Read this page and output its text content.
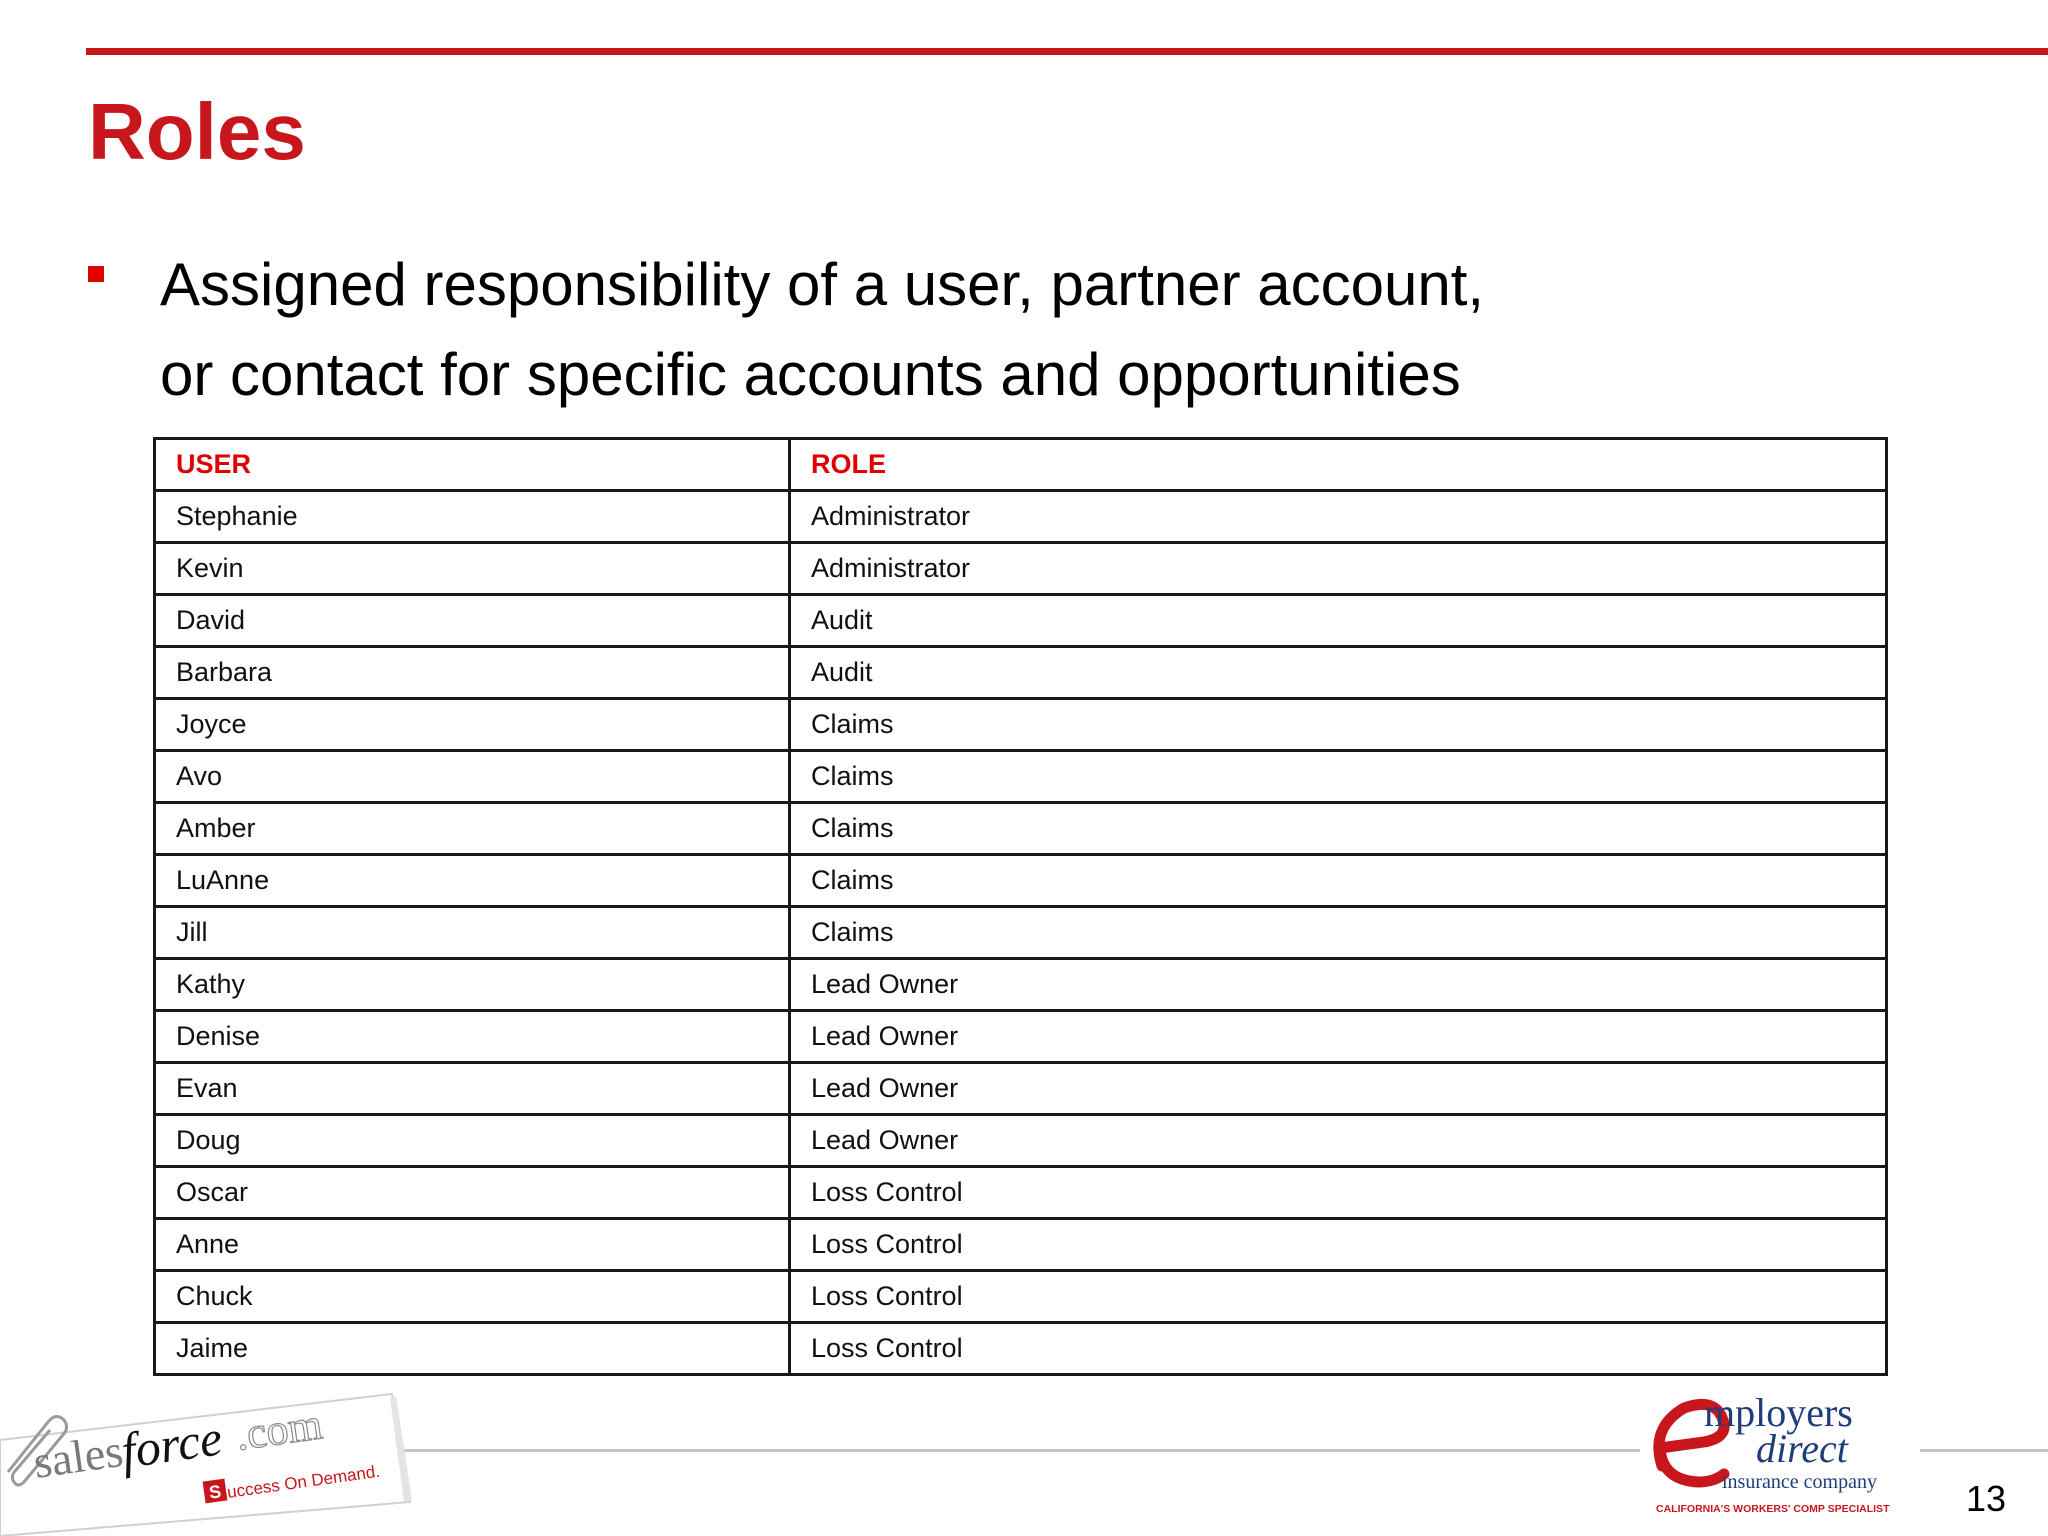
Roles
Assigned responsibility of a user, partner account,
or contact for specific accounts and opportunities
USER	ROLE
Stephanie	Administrator
Kevin	Administrator
David	Audit
Barbara	Audit
Joyce	Claims
Avo	Claims
Amber	Claims
LuAnne	Claims
Jill	Claims
Kathy	Lead Owner
Denise	Lead Owner
Evan	Lead Owner
Doug	Lead Owner
Oscar	Loss Control
Anne	Loss Control
Chuck	Loss Control
Jaime	Loss Control
sales
force .com
S uccess On Demand.
mployers
direct
insurance company
CALIFORNIA'S WORKERS' COMP SPECIALIST 13
